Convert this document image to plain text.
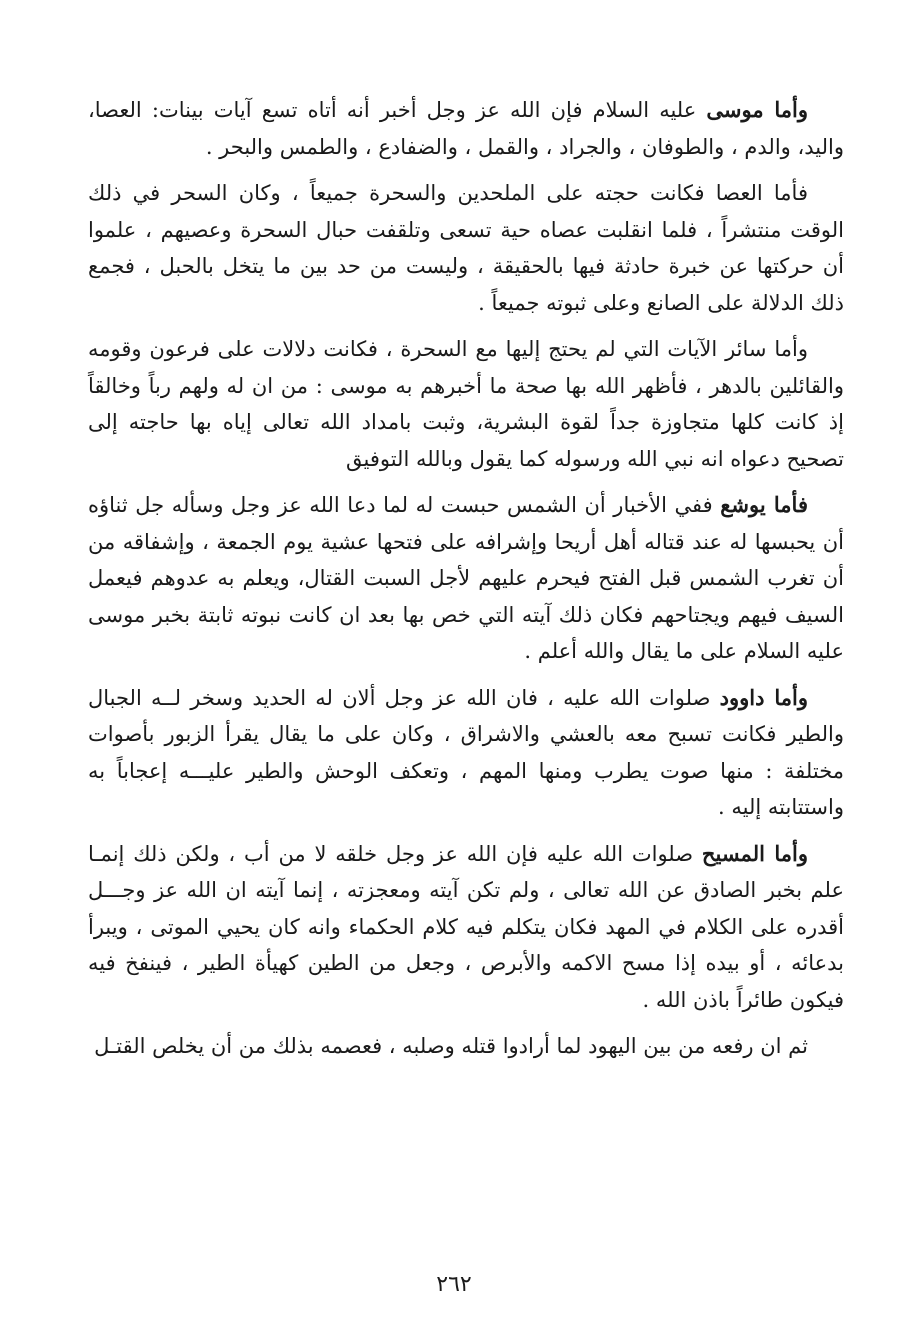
وأما موسى عليه السلام فإن الله عز وجل أخبر أنه أتاه تسع آيات بينات: العصا، واليد، والدم ، والطوفان ، والجراد ، والقمل ، والضفادع ، والطمس والبحر .

فأما العصا فكانت حجته على الملحدين والسحرة جميعاً ، وكان السحر في ذلك الوقت منتشراً ، فلما انقلبت عصاه حية تسعى وتلقفت حبال السحرة وعصيهم ، علموا أن حركتها عن خبرة حادثة فيها بالحقيقة ، وليست من حد بين ما يتخل بالحبل ، فجمع ذلك الدلالة على الصانع وعلى ثبوته جميعاً .

وأما سائر الآيات التي لم يحتج إليها مع السحرة ، فكانت دلالات على فرعون وقومه والقائلين بالدهر ، فأظهر الله بها صحة ما أخبرهم به موسى : من ان له ولهم رباً وخالقاً إذ كانت كلها متجاوزة جداً لقوة البشرية، وثبت بامداد الله تعالى إياه بها حاجته إلى تصحيح دعواه انه نبي الله ورسوله كما يقول وبالله التوفيق

فأما يوشع ففي الأخبار أن الشمس حبست له لما دعا الله عز وجل وسأله جل ثناؤه أن يحبسها له عند قتاله أهل أريحا وإشرافه على فتحها عشية يوم الجمعة ، وإشفاقه من أن تغرب الشمس قبل الفتح فيحرم عليهم لأجل السبت القتال، ويعلم به عدوهم فيعمل السيف فيهم ويجتاحهم فكان ذلك آيته التي خص بها بعد ان كانت نبوته ثابتة بخبر موسى عليه السلام على ما يقال والله أعلم .

وأما داوود صلوات الله عليه ، فان الله عز وجل ألان له الحديد وسخر لــه الجبال والطير فكانت تسبح معه بالعشي والاشراق ، وكان على ما يقال يقرأ الزبور بأصوات مختلفة : منها صوت يطرب ومنها المهم ، وتعكف الوحش والطير عليـــه إعجاباً به واستتابته إليه .

وأما المسيح صلوات الله عليه فإن الله عز وجل خلقه لا من أب ، ولكن ذلك إنمـا علم بخبر الصادق عن الله تعالى ، ولم تكن آيته ومعجزته ، إنما آيته ان الله عز وجـــل أقدره على الكلام في المهد فكان يتكلم فيه كلام الحكماء وانه كان يحيي الموتى ، ويبرأ بدعائه ، أو بيده إذا مسح الاكمه والأبرص ، وجعل من الطين كهيأة الطير ، فينفخ فيه فيكون طائراً باذن الله .

ثم ان رفعه من بين اليهود لما أرادوا قتله وصلبه ، فعصمه بذلك من أن يخلص القتـل

٢٦٢
